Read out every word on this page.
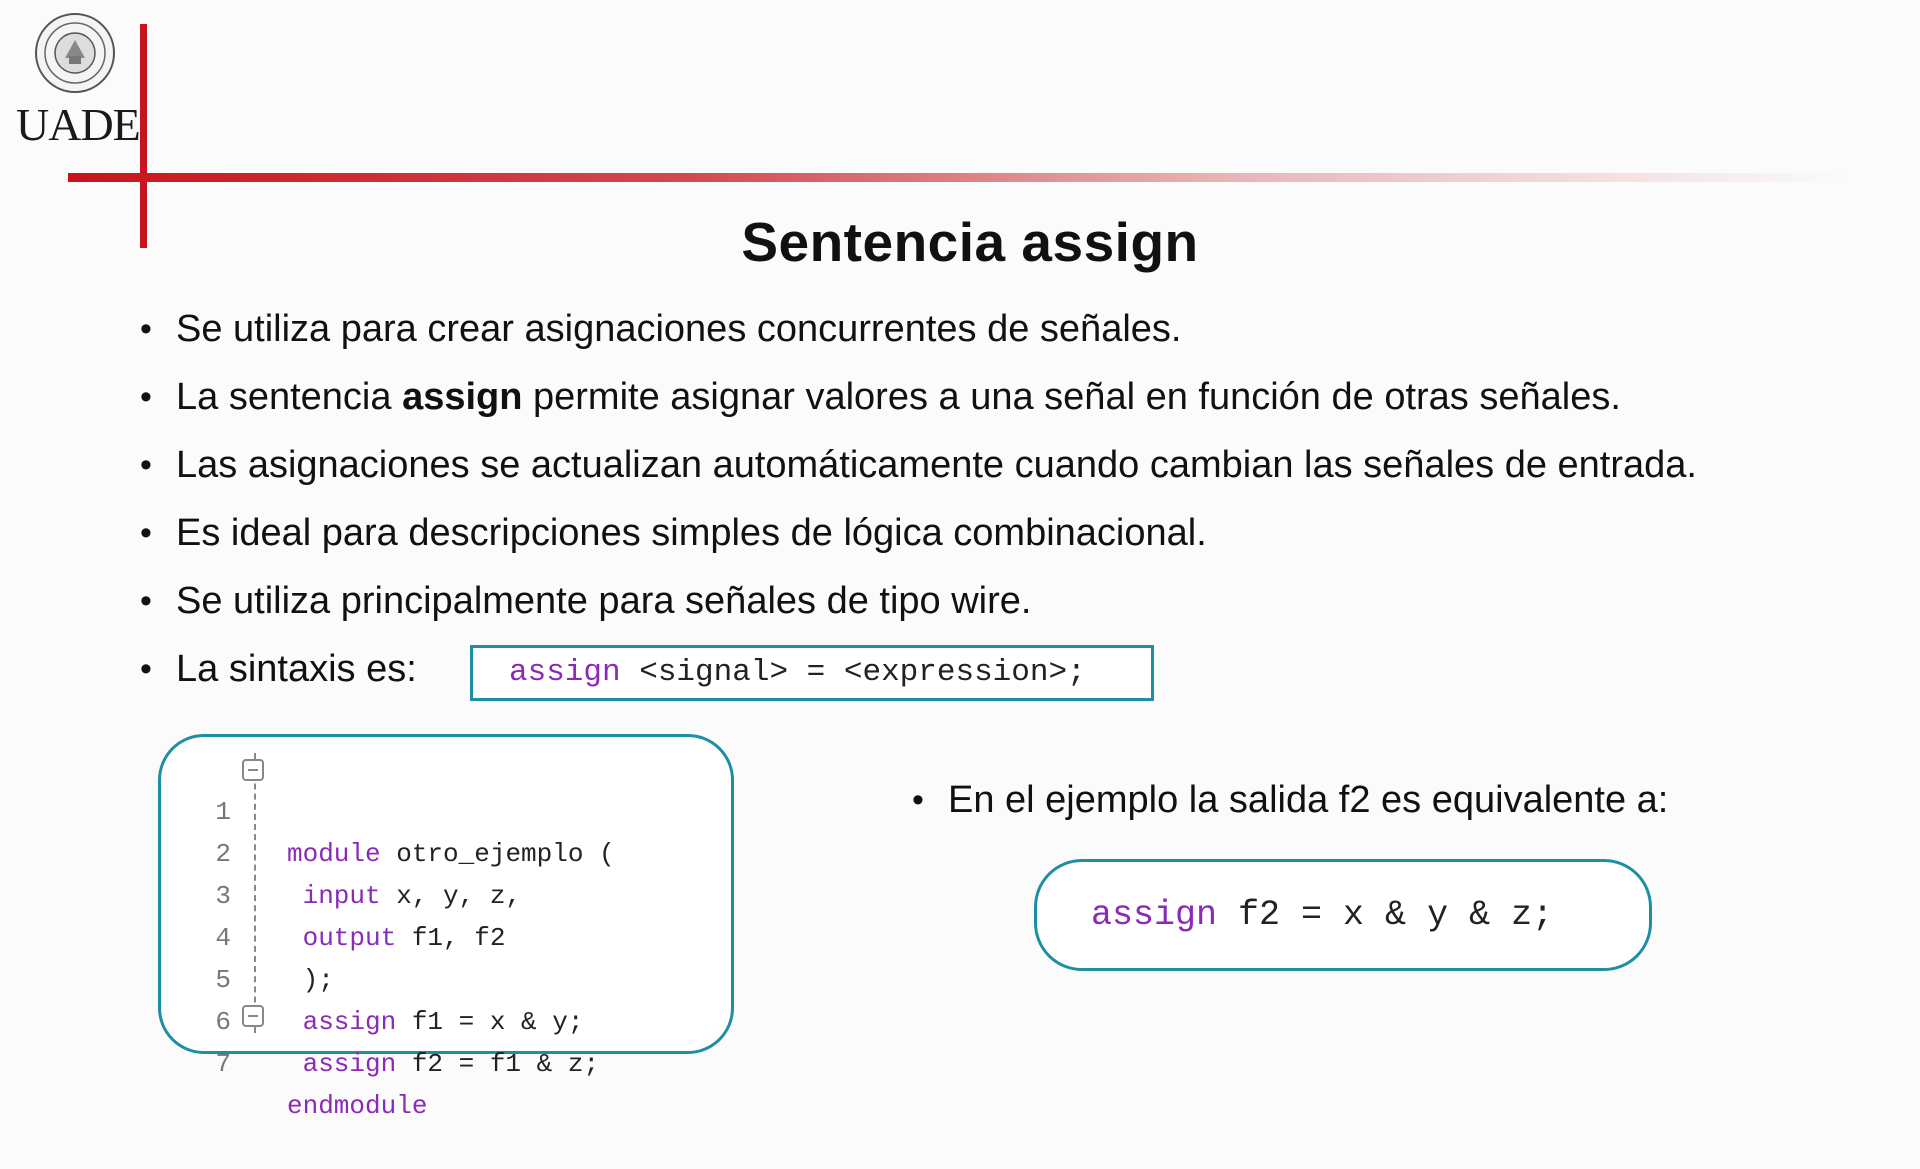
UADE
Sentencia assign
• Se utiliza para crear asignaciones concurrentes de señales.
• La sentencia assign permite asignar valores a una señal en función de otras señales.
• Las asignaciones se actualizan automáticamente cuando cambian las señales de entrada.
• Es ideal para descripciones simples de lógica combinacional.
• Se utiliza principalmente para señales de tipo wire.
• La sintaxis es:	assign <signal> = <expression>;

1

module otro_ejemplo (

2

input x, y, z,

3

output f1, f2

4

);

5

assign f1 = x & y;

6

assign f2 = f1 & z;

7

endmodule

• En el ejemplo la salida f2 es equivalente a:
assign f2 = x & y & z;
